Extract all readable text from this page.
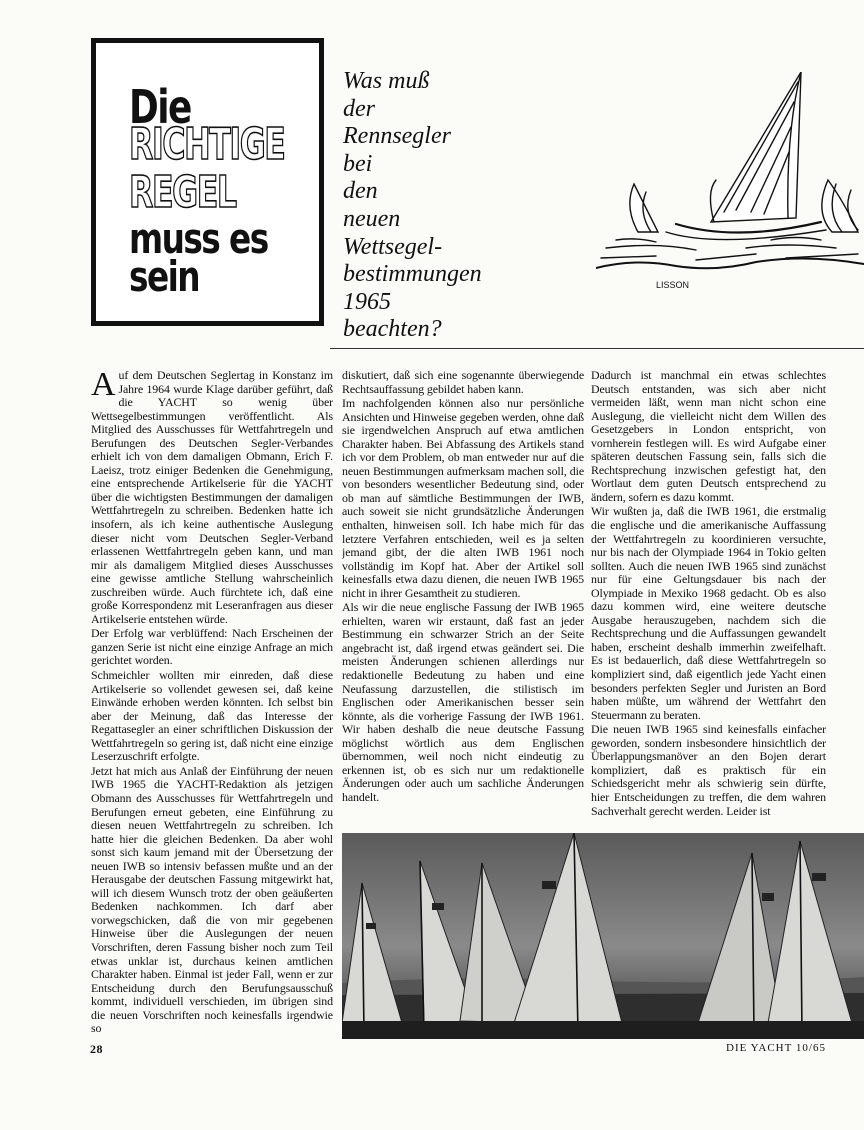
Die
RICHTIGE
REGEL
muss es
sein
Was muß
der
Rennsegler
bei
den
neuen
Wettsegel-
bestimmungen
1965
beachten?
LISSON

Auf dem Deutschen Seglertag in Konstanz im Jahre 1964 wurde Klage darüber geführt, daß die YACHT so wenig über Wettsegelbestimmungen veröffentlicht. Als Mitglied des Ausschusses für Wettfahrtregeln und Berufungen des Deutschen Segler-Verbandes erhielt ich von dem damaligen Obmann, Erich F. Laeisz, trotz einiger Bedenken die Genehmigung, eine entsprechende Artikelserie für die YACHT über die wichtigsten Bestimmungen der damaligen Wettfahrtregeln zu schreiben. Bedenken hatte ich insofern, als ich keine authentische Auslegung dieser nicht vom Deutschen Segler-Verband erlassenen Wettfahrtregeln geben kann, und man mir als damaligem Mitglied dieses Ausschusses eine gewisse amtliche Stellung wahrscheinlich zuschreiben würde. Auch fürchtete ich, daß eine große Korrespondenz mit Leseranfragen aus dieser Artikelserie entstehen würde.

Der Erfolg war verblüffend: Nach Erscheinen der ganzen Serie ist nicht eine einzige Anfrage an mich gerichtet worden.

Schmeichler wollten mir einreden, daß diese Artikelserie so vollendet gewesen sei, daß keine Einwände erhoben werden könnten. Ich selbst bin aber der Meinung, daß das Interesse der Regattasegler an einer schriftlichen Diskussion der Wettfahrtregeln so gering ist, daß nicht eine einzige Leserzuschrift erfolgte.

Jetzt hat mich aus Anlaß der Einführung der neuen IWB 1965 die YACHT-Redaktion als jetzigen Obmann des Ausschusses für Wettfahrtregeln und Berufungen erneut gebeten, eine Einführung zu diesen neuen Wettfahrtregeln zu schreiben. Ich hatte hier die gleichen Bedenken. Da aber wohl sonst sich kaum jemand mit der Übersetzung der neuen IWB so intensiv befassen mußte und an der Herausgabe der deutschen Fassung mitgewirkt hat, will ich diesem Wunsch trotz der oben geäußerten Bedenken nachkommen. Ich darf aber vorwegschicken, daß die von mir gegebenen Hinweise über die Auslegungen der neuen Vorschriften, deren Fassung bisher noch zum Teil etwas unklar ist, durchaus keinen amtlichen Charakter haben. Einmal ist jeder Fall, wenn er zur Entscheidung durch den Berufungsausschuß kommt, individuell verschieden, im übrigen sind die neuen Vorschriften noch keinesfalls irgendwie so

diskutiert, daß sich eine sogenannte überwiegende Rechtsauffassung gebildet haben kann.

Im nachfolgenden können also nur persönliche Ansichten und Hinweise gegeben werden, ohne daß sie irgendwelchen Anspruch auf etwa amtlichen Charakter haben. Bei Abfassung des Artikels stand ich vor dem Problem, ob man entweder nur auf die neuen Bestimmungen aufmerksam machen soll, die von besonders wesentlicher Bedeutung sind, oder ob man auf sämtliche Bestimmungen der IWB, auch soweit sie nicht grundsätzliche Änderungen enthalten, hinweisen soll. Ich habe mich für das letztere Verfahren entschieden, weil es ja selten jemand gibt, der die alten IWB 1961 noch vollständig im Kopf hat. Aber der Artikel soll keinesfalls etwa dazu dienen, die neuen IWB 1965 nicht in ihrer Gesamtheit zu studieren.

Als wir die neue englische Fassung der IWB 1965 erhielten, waren wir erstaunt, daß fast an jeder Bestimmung ein schwarzer Strich an der Seite angebracht ist, daß irgend etwas geändert sei. Die meisten Änderungen schienen allerdings nur redaktionelle Bedeutung zu haben und eine Neufassung darzustellen, die stilistisch im Englischen oder Amerikanischen besser sein könnte, als die vorherige Fassung der IWB 1961. Wir haben deshalb die neue deutsche Fassung möglichst wörtlich aus dem Englischen übernommen, weil noch nicht eindeutig zu erkennen ist, ob es sich nur um redaktionelle Änderungen oder auch um sachliche Änderungen handelt.

Dadurch ist manchmal ein etwas schlechtes Deutsch entstanden, was sich aber nicht vermeiden läßt, wenn man nicht schon eine Auslegung, die vielleicht nicht dem Willen des Gesetzgebers in London entspricht, von vornherein festlegen will. Es wird Aufgabe einer späteren deutschen Fassung sein, falls sich die Rechtsprechung inzwischen gefestigt hat, den Wortlaut dem guten Deutsch entsprechend zu ändern, sofern es dazu kommt.

Wir wußten ja, daß die IWB 1961, die erstmalig die englische und die amerikanische Auffassung der Wettfahrtregeln zu koordinieren versuchte, nur bis nach der Olympiade 1964 in Tokio gelten sollten. Auch die neuen IWB 1965 sind zunächst nur für eine Geltungsdauer bis nach der Olympiade in Mexiko 1968 gedacht. Ob es also dazu kommen wird, eine weitere deutsche Ausgabe herauszugeben, nachdem sich die Rechtsprechung und die Auffassungen gewandelt haben, erscheint deshalb immerhin zweifelhaft. Es ist bedauerlich, daß diese Wettfahrtregeln so kompliziert sind, daß eigentlich jede Yacht einen besonders perfekten Segler und Juristen an Bord haben müßte, um während der Wettfahrt den Steuermann zu beraten.

Die neuen IWB 1965 sind keinesfalls einfacher geworden, sondern insbesondere hinsichtlich der Überlappungsmanöver an den Bojen derart kompliziert, daß es praktisch für ein Schiedsgericht mehr als schwierig sein dürfte, hier Entscheidungen zu treffen, die dem wahren Sachverhalt gerecht werden. Leider ist

28	DIE YACHT 10/65
